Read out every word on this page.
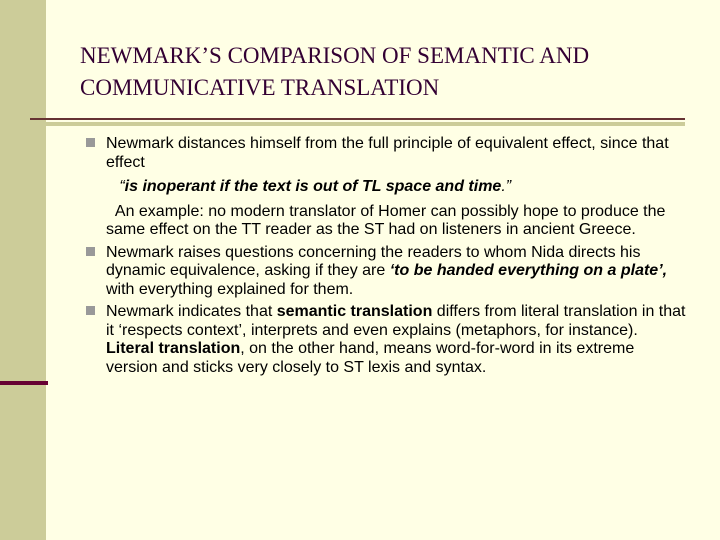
NEWMARK’S COMPARISON OF SEMANTIC AND
COMMUNICATIVE TRANSLATION
Newmark distances himself from the full principle of equivalent effect, since that effect
“is inoperant if the text is out of TL space and time.”
An example: no modern translator of Homer can possibly hope to produce the same effect on the TT reader as the ST had on listeners in ancient Greece.
Newmark raises questions concerning the readers to whom Nida directs his dynamic equivalence, asking if they are ‘to be handed everything on a plate’, with everything explained for them.
Newmark indicates that semantic translation differs from literal translation in that it ‘respects context’, interprets and even explains (metaphors, for instance). Literal translation, on the other hand, means word-for-word in its extreme version and sticks very closely to ST lexis and syntax.
